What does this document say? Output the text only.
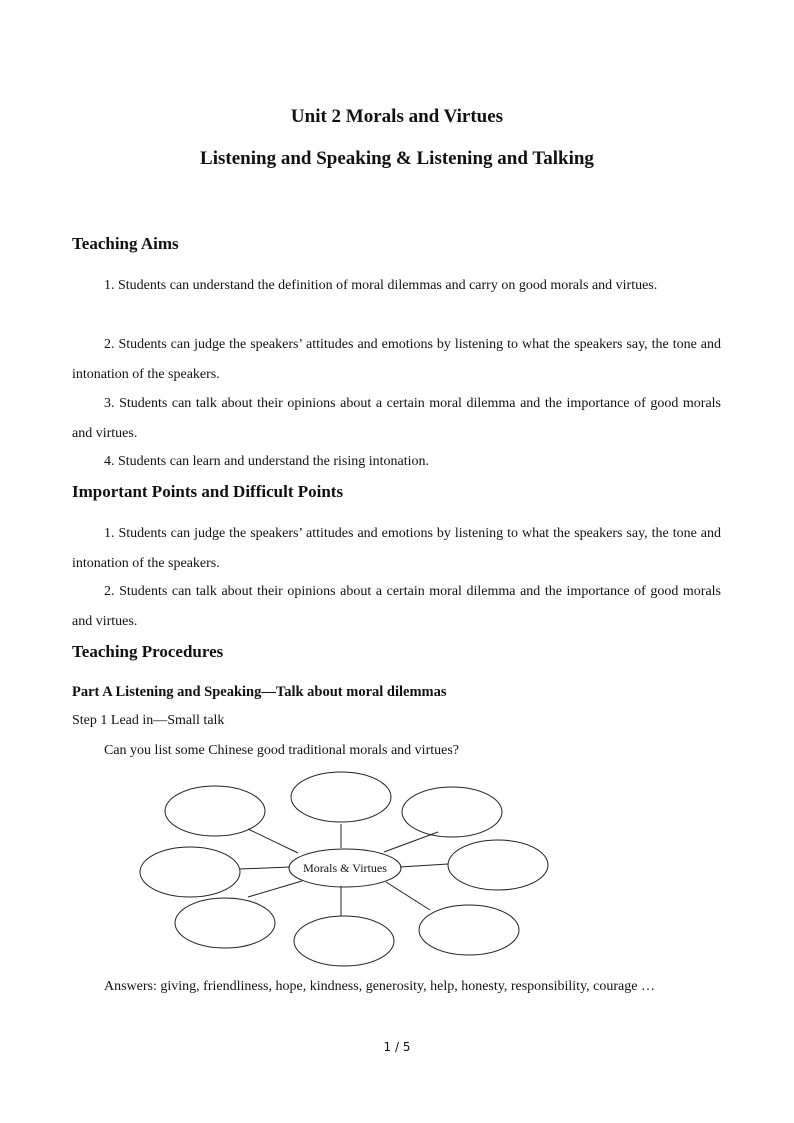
Unit 2 Morals and Virtues
Listening and Speaking & Listening and Talking
Teaching Aims
1. Students can understand the definition of moral dilemmas and carry on good morals and virtues.
2. Students can judge the speakers’ attitudes and emotions by listening to what the speakers say, the tone and intonation of the speakers.
3. Students can talk about their opinions about a certain moral dilemma and the importance of good morals and virtues.
4. Students can learn and understand the rising intonation.
Important Points and Difficult Points
1. Students can judge the speakers’ attitudes and emotions by listening to what the speakers say, the tone and intonation of the speakers.
2. Students can talk about their opinions about a certain moral dilemma and the importance of good morals and virtues.
Teaching Procedures
Part A Listening and Speaking—Talk about moral dilemmas
Step 1 Lead in—Small talk
Can you list some Chinese good traditional morals and virtues?
Morals & Virtues
Answers: giving, friendliness, hope, kindness, generosity, help, honesty, responsibility, courage …
1 / 5
